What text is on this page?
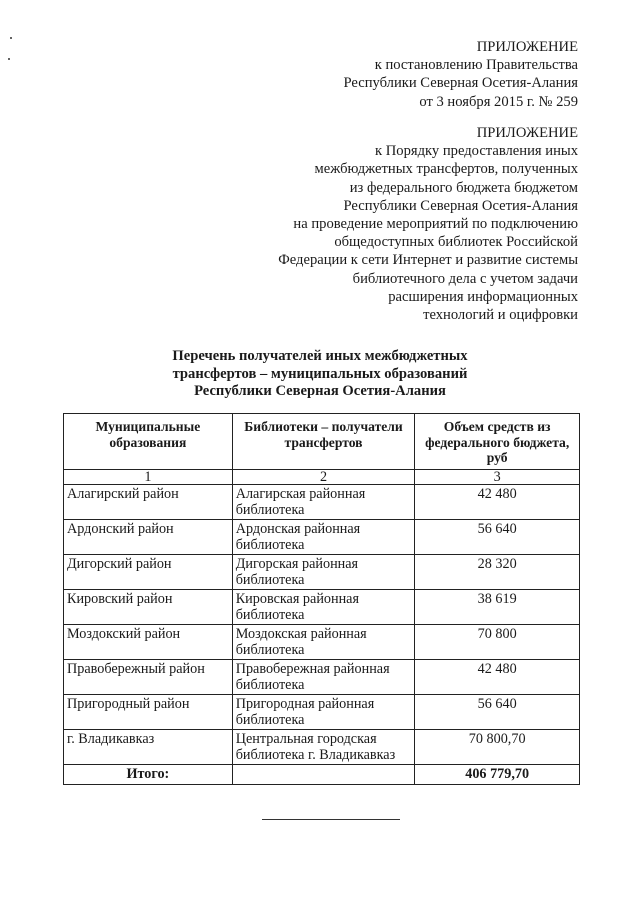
ПРИЛОЖЕНИЕ
к постановлению Правительства
Республики Северная Осетия-Алания
от 3 ноября 2015 г. № 259
ПРИЛОЖЕНИЕ
к Порядку предоставления иных
межбюджетных трансфертов, полученных
из федерального бюджета бюджетом
Республики Северная Осетия-Алания
на проведение мероприятий по подключению
общедоступных библиотек Российской
Федерации к сети Интернет и развитие системы
библиотечного дела с учетом задачи
расширения информационных
технологий и оцифровки
Перечень получателей иных межбюджетных
трансфертов – муниципальных образований
Республики Северная Осетия-Алания
Муниципальные образования	Библиотеки – получатели трансфертов	Объем средств из федерального бюджета, руб
1	2	3
Алагирский район	Алагирская районная библиотека	42 480
Ардонский район	Ардонская районная библиотека	56 640
Дигорский район	Дигорская районная библиотека	28 320
Кировский район	Кировская районная библиотека	38 619
Моздокский район	Моздокская районная библиотека	70 800
Правобережный район	Правобережная районная библиотека	42 480
Пригородный район	Пригородная районная библиотека	56 640
г. Владикавказ	Центральная городская библиотека г. Владикавказ	70 800,70
Итого:		406 779,70
